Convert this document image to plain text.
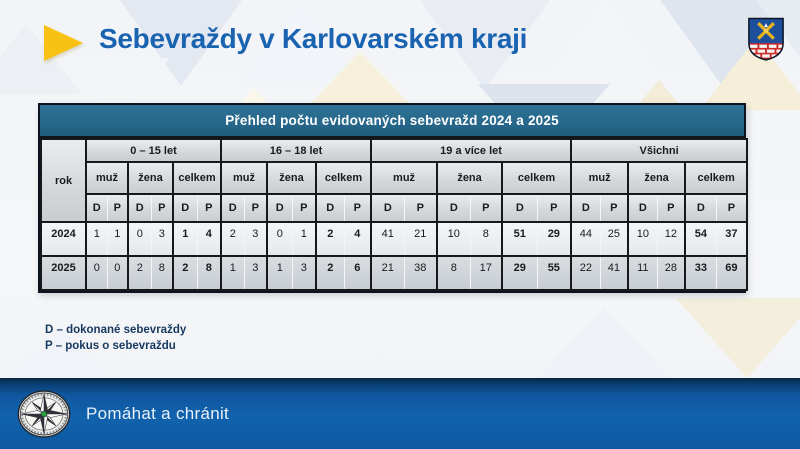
Sebevraždy v Karlovarském kraji
Přehled počtu evidovaných sebevražd 2024 a 2025
rok	0 – 15 let						16 – 18 let						19 a více let						Všichni					
	muž		žena		celkem		muž		žena		celkem		muž		žena		celkem		muž		žena		celkem	
	D	P	D	P	D	P	D	P	D	P	D	P	D	P	D	P	D	P	D	P	D	P	D	P
2024	1	1	0	3	1	4	2	3	0	1	2	4	41	21	10	8	51	29	44	25	10	12	54	37
2025	0	0	2	8	2	8	1	3	1	3	2	6	21	38	8	17	29	55	22	41	11	28	33	69
D – dokonané sebevraždy
P – pokus o sebevraždu
Pomáhat a chránit
